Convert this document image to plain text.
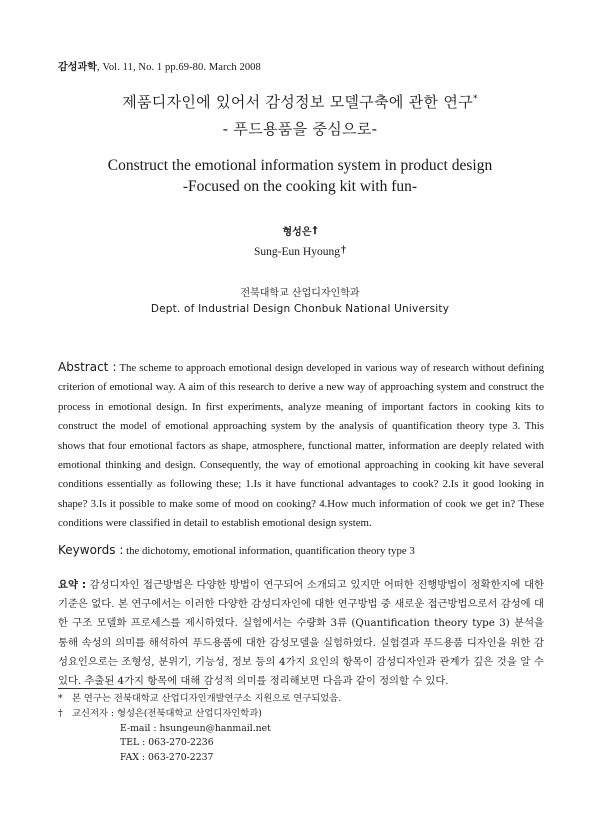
감성과학, Vol. 11, No. 1 pp.69-80. March 2008
제품디자인에 있어서 감성정보 모델구축에 관한 연구*
- 푸드용품을 중심으로-
Construct the emotional information system in product design
-Focused on the cooking kit with fun-
형성은†
Sung-Eun Hyoung†
전북대학교 산업디자인학과
Dept. of Industrial Design Chonbuk National University
Abstract : The scheme to approach emotional design developed in various way of research without defining criterion of emotional way. A aim of this research to derive a new way of approaching system and construct the process in emotional design. In first experiments, analyze meaning of important factors in cooking kits to construct the model of emotional approaching system by the analysis of quantification theory type 3. This shows that four emotional factors as shape, atmosphere, functional matter, information are deeply related with emotional thinking and design. Consequently, the way of emotional approaching in cooking kit have several conditions essentially as following these; 1.Is it have functional advantages to cook? 2.Is it good looking in shape? 3.Is it possible to make some of mood on cooking? 4.How much information of cook we get in? These conditions were classified in detail to establish emotional design system.
Keywords : the dichotomy, emotional information, quantification theory type 3
요약 : 감성디자인 접근방법은 다양한 방법이 연구되어 소개되고 있지만 어떠한 진행방법이 정확한지에 대한 기준은 없다. 본 연구에서는 이러한 다양한 감성디자인에 대한 연구방법 중 새로운 접근방법으로서 감성에 대한 구조 모델화 프로세스를 제시하였다. 실험에서는 수량화 3류 (Quantification theory type 3) 분석을 통해 속성의 의미를 해석하여 푸드용품에 대한 감성모델을 실험하였다. 실험결과 푸드용품 디자인을 위한 감성요인으로는 조형성, 분위기, 기능성, 정보 등의 4가지 요인의 항목이 감성디자인과 관계가 깊은 것을 알 수 있다. 추출된 4가지 항목에 대해 감성적 의미를 정리해보면 다음과 같이 정의할 수 있다.
* 본 연구는 전북대학교 산업디자인개발연구소 지원으로 연구되었음.
† 교신저자 : 형성은(전북대학교 산업디자인학과)
E-mail : hsungeun@hanmail.net
TEL : 063-270-2236
FAX : 063-270-2237
